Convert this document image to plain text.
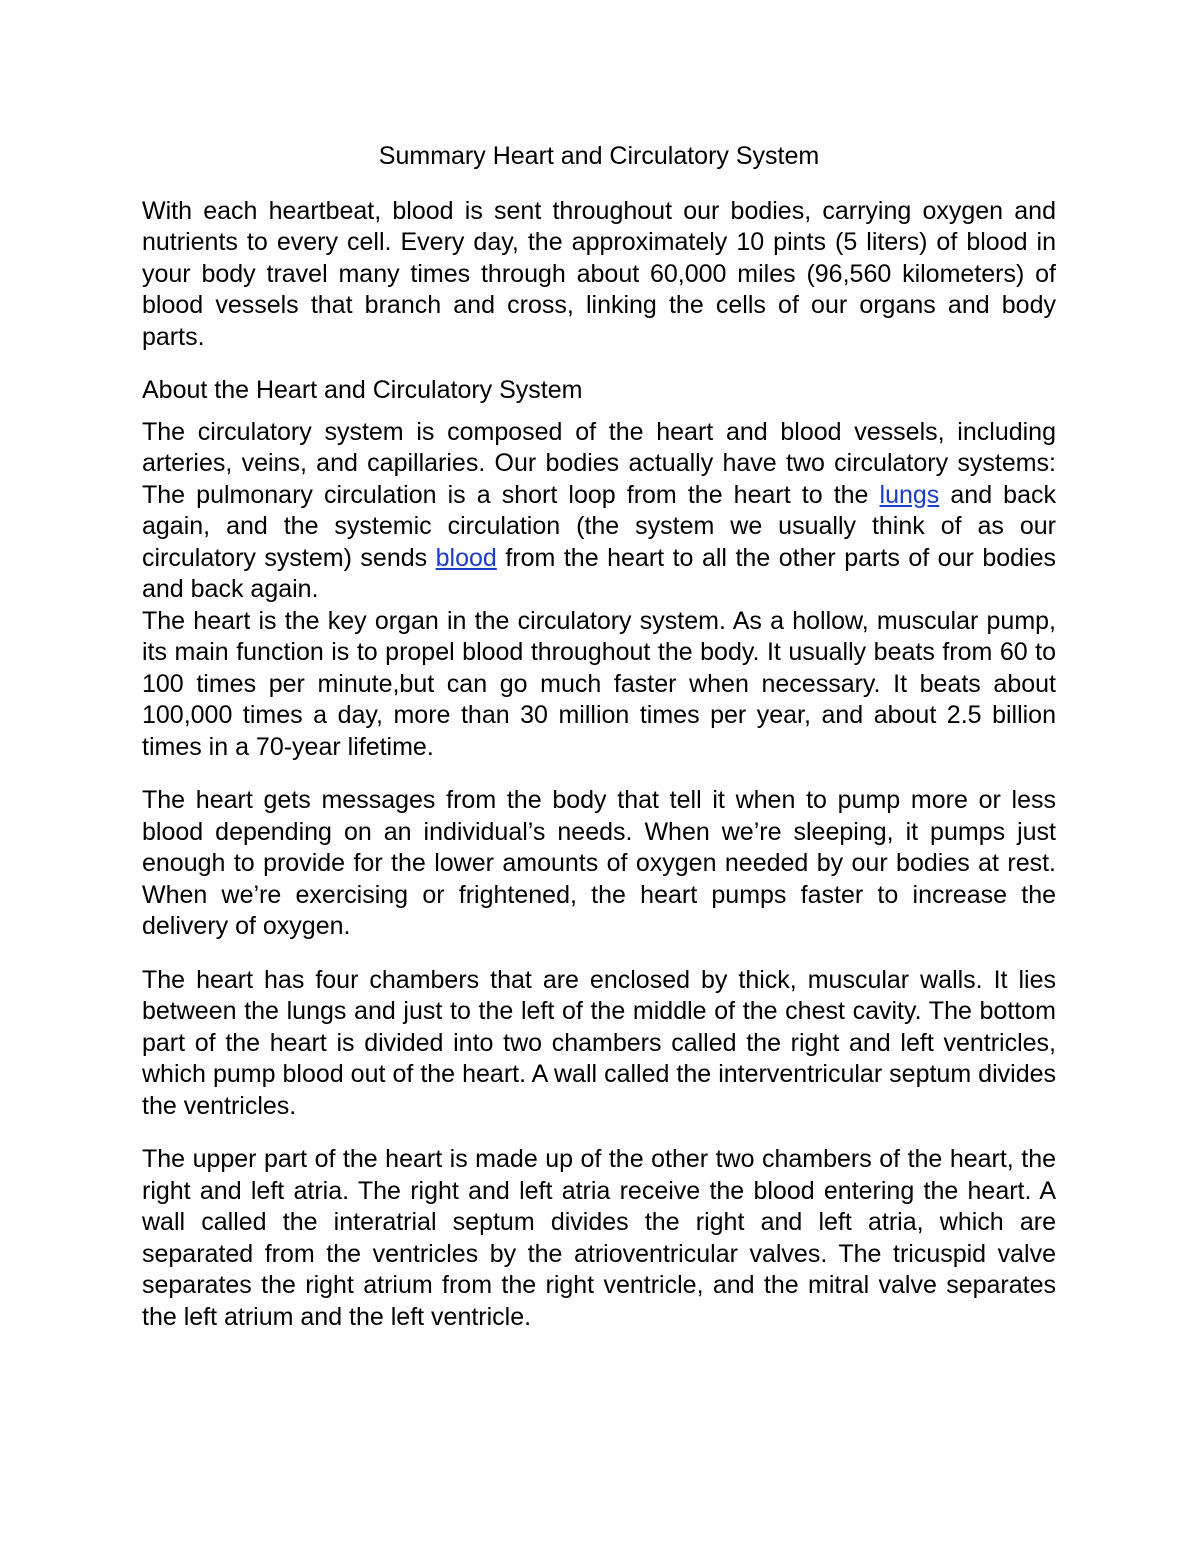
Summary Heart and Circulatory System

With each heartbeat, blood is sent throughout our bodies, carrying oxygen and nutrients to every cell. Every day, the approximately 10 pints (5 liters) of blood in your body travel many times through about 60,000 miles (96,560 kilometers) of blood vessels that branch and cross, linking the cells of our organs and body parts.

About the Heart and Circulatory System

The circulatory system is composed of the heart and blood vessels, including arteries, veins, and capillaries. Our bodies actually have two circulatory systems: The pulmonary circulation is a short loop from the heart to the lungs and back again, and the systemic circulation (the system we usually think of as our circulatory system) sends blood from the heart to all the other parts of our bodies and back again.

The heart is the key organ in the circulatory system. As a hollow, muscular pump, its main function is to propel blood throughout the body. It usually beats from 60 to 100 times per minute,but can go much faster when necessary. It beats about 100,000 times a day, more than 30 million times per year, and about 2.5 billion times in a 70-year lifetime.

The heart gets messages from the body that tell it when to pump more or less blood depending on an individual’s needs. When we’re sleeping, it pumps just enough to provide for the lower amounts of oxygen needed by our bodies at rest. When we’re exercising or frightened, the heart pumps faster to increase the delivery of oxygen.

The heart has four chambers that are enclosed by thick, muscular walls. It lies between the lungs and just to the left of the middle of the chest cavity. The bottom part of the heart is divided into two chambers called the right and left ventricles, which pump blood out of the heart. A wall called the interventricular septum divides the ventricles.

The upper part of the heart is made up of the other two chambers of the heart, the right and left atria. The right and left atria receive the blood entering the heart. A wall called the interatrial septum divides the right and left atria, which are separated from the ventricles by the atrioventricular valves. The tricuspid valve separates the right atrium from the right ventricle, and the mitral valve separates the left atrium and the left ventricle.
